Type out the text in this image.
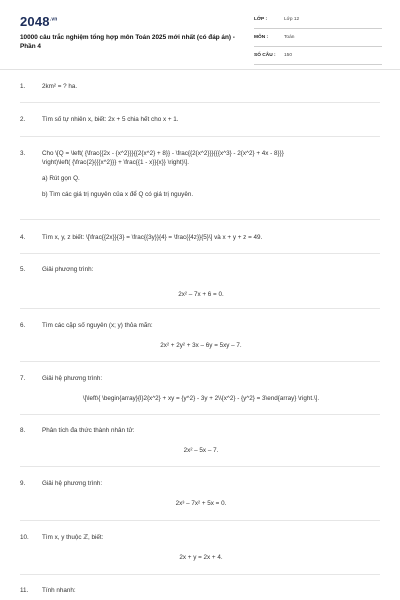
$2048^{.vn}$
10000 câu trắc nghiệm tổng hợp môn Toán 2025 mới nhất (có đáp án) - Phần 4
LỚP :	Lớp 12
MÔN :	Toán
SỐ CÂU : 150
1.	2km² = ? ha.
2.	Tìm số tự nhiên x, biết: 2x + 5 chia hết cho x + 1.
3.	Cho \[Q = \left( {\frac{{2x - {x^2}}}{{2{x^2} + 8}} - \frac{{2{x^2}}}{{{x^3} - 2{x^2} + 4x - 8}}}
\right)\left( {\frac{2}{{{x^2}}} + \frac{{1 - x}}{x}} \right)\].
a) Rút gọn Q.
b) Tìm các giá trị nguyên của x để Q có giá trị nguyên.
4.	Tìm x, y, z biết: \[\frac{{2x}}{3} = \frac{{3y}}{4} = \frac{{4z}}{5}\] và x + y + z = 49.
5.	Giải phương trình:
2x² – 7x + 6 = 0.
6.	Tìm các cặp số nguyên (x; y) thỏa mãn:
2x² + 2y² + 3x – 6y = 5xy – 7.
7.	Giải hệ phương trình:
\[\left\{ \begin{array}{l}2{x^2} + xy = {y^2} - 3y + 2\\{x^2} - {y^2} = 3\end{array} \right.\].
8.	Phân tích đa thức thành nhân tử:
2x² – 5x – 7.
9.	Giải hệ phương trình:
2x³ – 7x² + 5x = 0.
10. Tìm x, y thuộc ℤ, biết:
2x + y = 2x + 4.
11. Tính nhanh:
